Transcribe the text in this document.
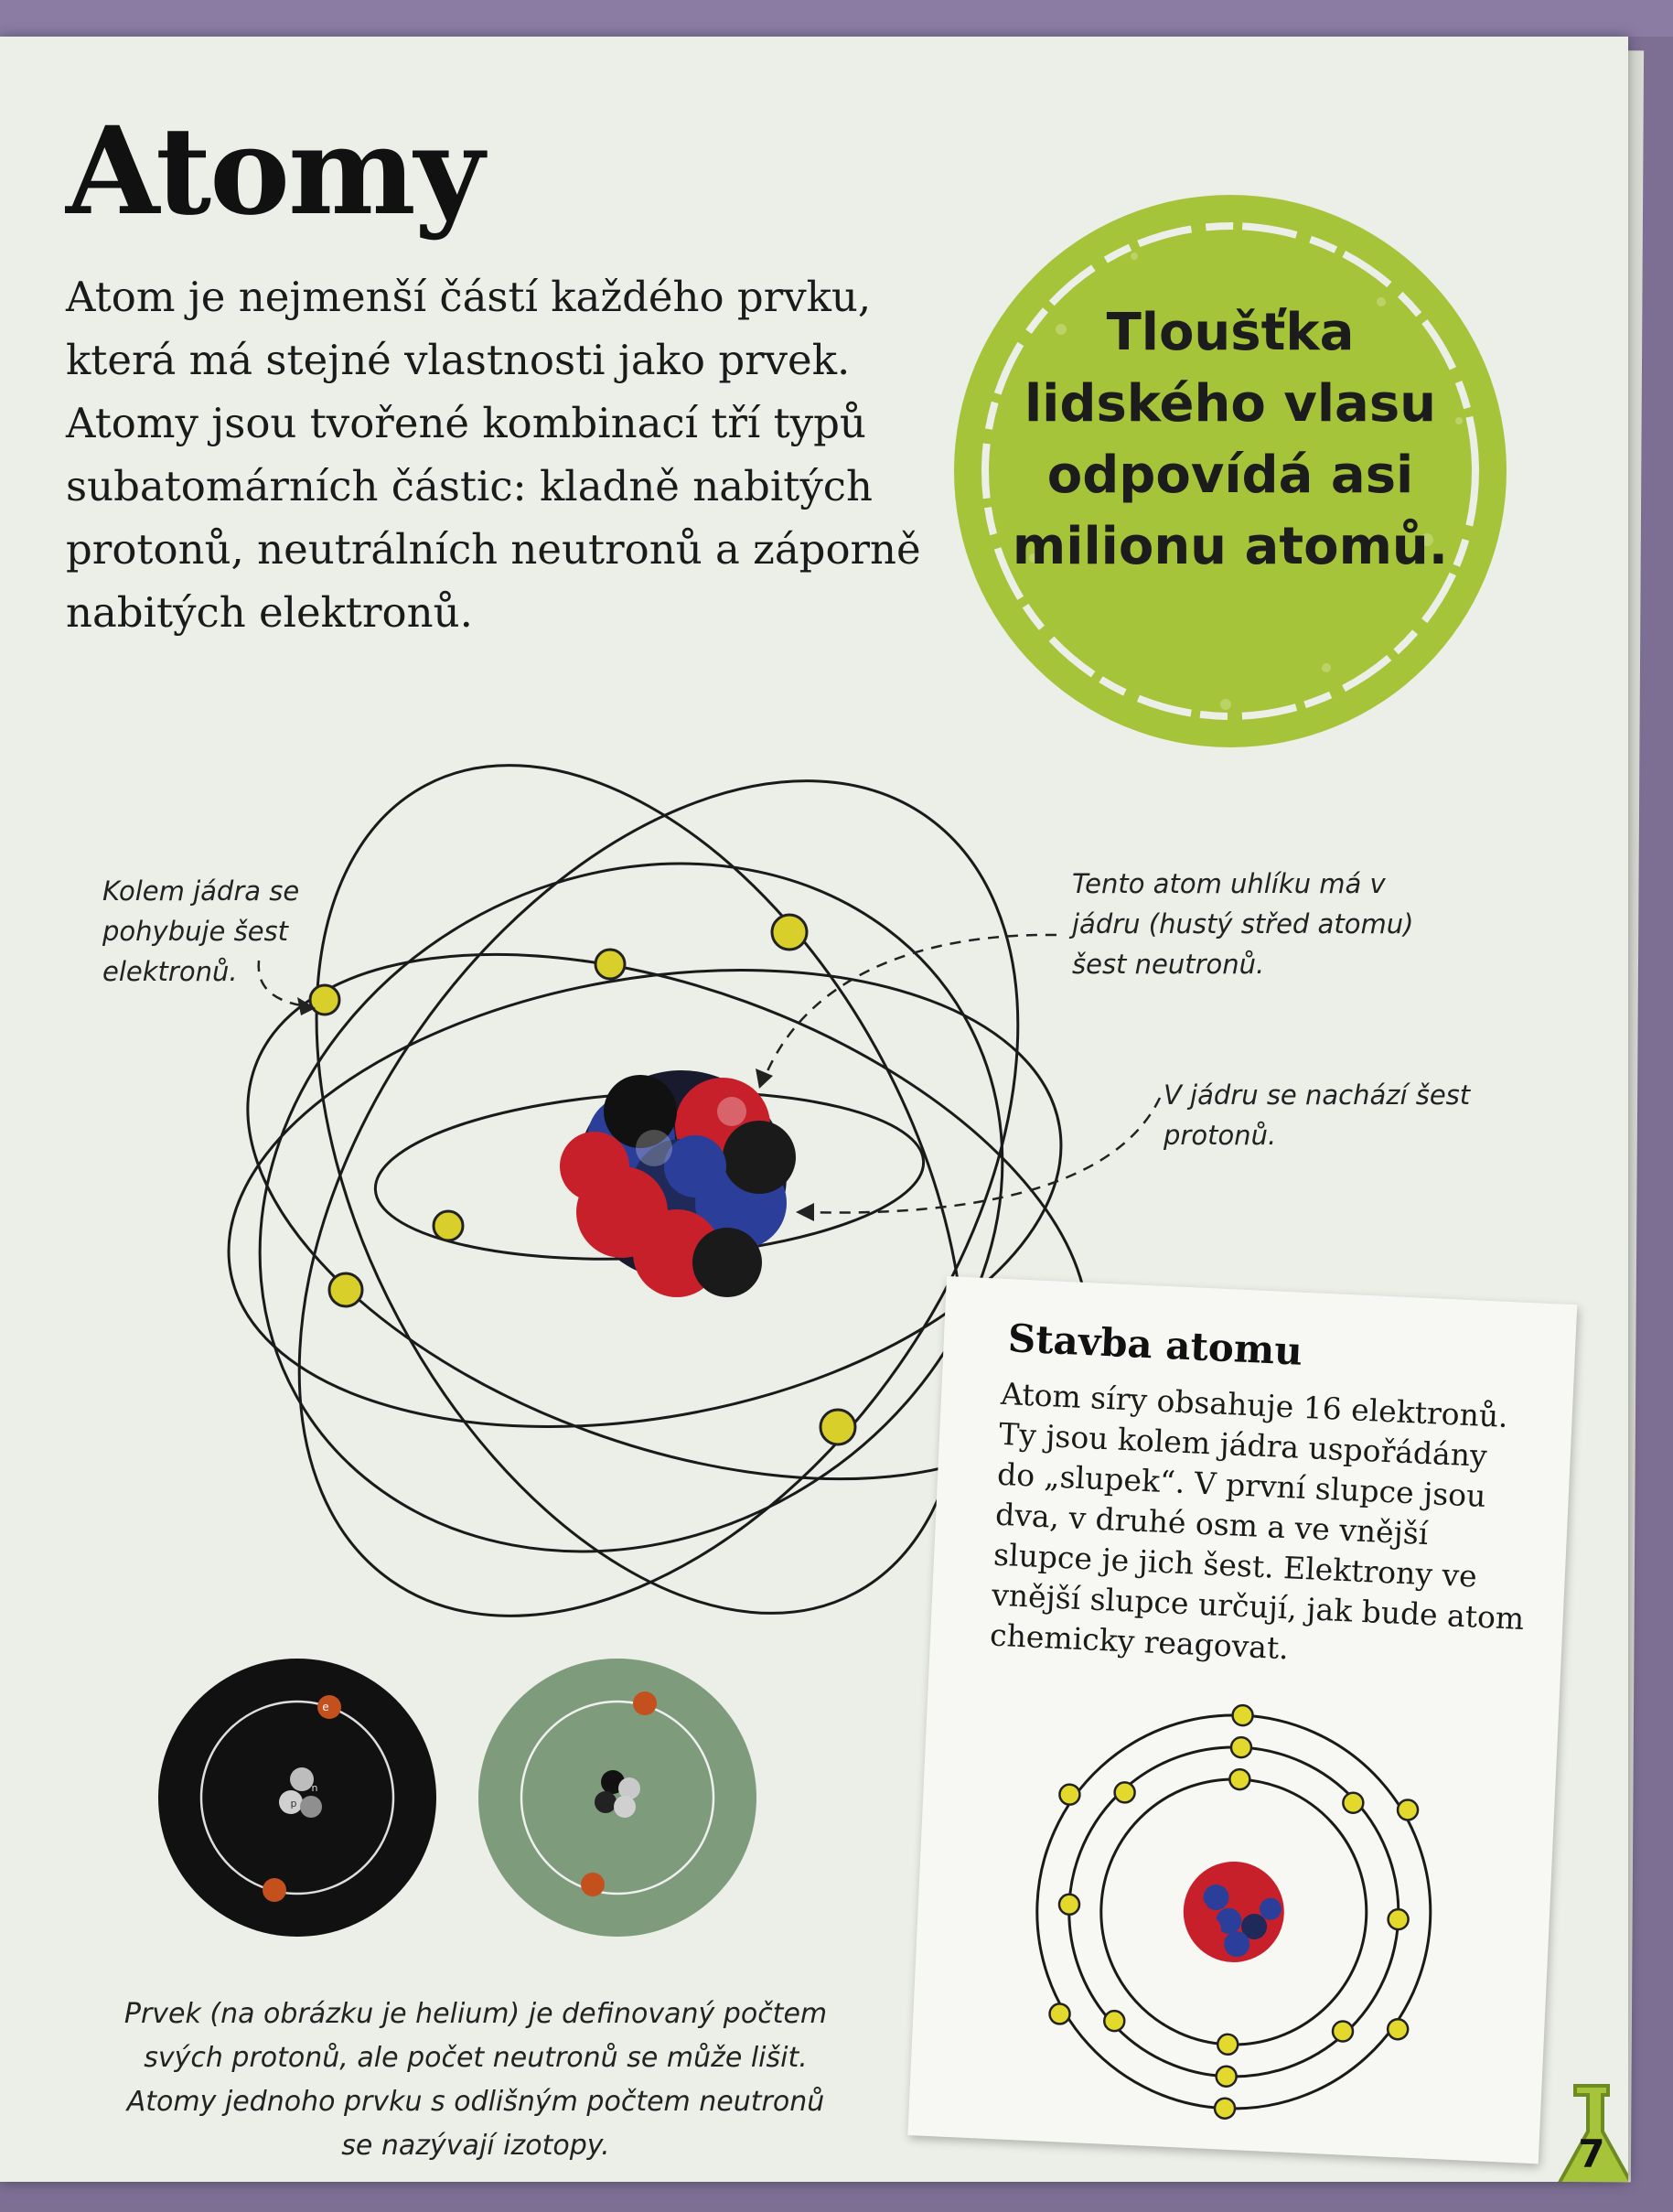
e
p
n
Atomy

Atom je nejmenší částí každého prvku, která má stejné vlastnosti jako prvek. Atomy jsou tvořené kombinací tří typů subatomárních částic: kladně nabitých protonů, neutrálních neutronů a záporně nabitých elektronů.

Tloušťka lidského vlasu odpovídá asi milionu atomů.

Kolem jádra se pohybuje šest elektronů.

Tento atom uhlíku má v jádru (hustý střed atomu) šest neutronů.

V jádru se nachází šest protonů.

Prvek (na obrázku je helium) je definovaný počtem svých protonů, ale počet neutronů se může lišit. Atomy jednoho prvku s odlišným počtem neutronů se nazývají izotopy.

Stavba atomu

Atom síry obsahuje 16 elektronů. Ty jsou kolem jádra uspořádány do „slupek“. V první slupce jsou dva, v druhé osm a ve vnější slupce je jich šest. Elektrony ve vnější slupce určují, jak bude atom chemicky reagovat.

7
